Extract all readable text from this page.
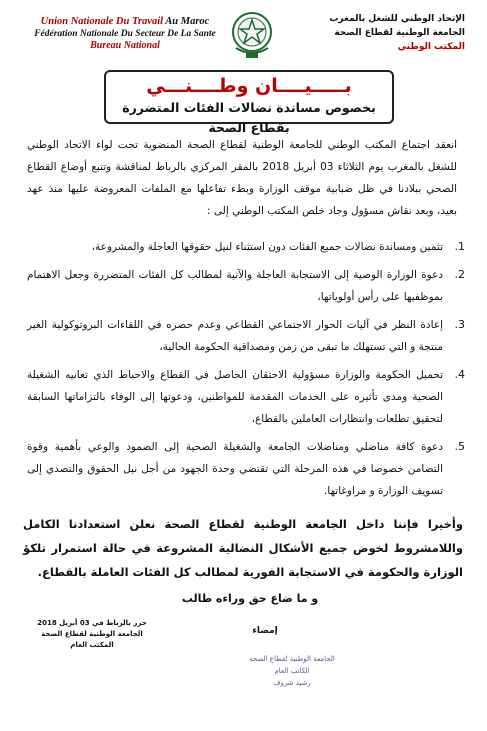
Union Nationale Du Travail Au Maroc
Fédération Nationale Du Secteur De La Sante
Bureau National
الإتحاد الوطني للشغل بالمغرب
الجامعة الوطنية لقطاع الصحة
المكتب الوطني
بـــــيــــان وطــــنـــي
بخصوص مساندة نضالات الفئات المتضررة بقطاع الصحة
انعقد اجتماع المكتب الوطني للجامعة الوطنية لقطاع الصحة المنضوية تحت لواء الاتحاد الوطني للشغل بالمغرب يوم الثلاثاء 03 أبريل 2018 بالمقر المركزي بالرباط لمناقشة وتتبع أوضاع القطاع الصحي ببلادنا في ظل ضبابية موقف الوزارة وبطء تفاعلها مع الملفات المعروضة عليها منذ عهد بعيد، وبعد نقاش مسؤول وجاد خلص المكتب الوطني إلى :
1.
تثمين ومساندة نضالات جميع الفئات دون استثناء لنيل حقوقها العاجلة والمشروعة،
2.
دعوة الوزارة الوصية إلى الاستجابة العاجلة والآنية لمطالب كل الفئات المتضررة وجعل الاهتمام بموظفيها على رأس أولوياتها،
3.
إعادة النظر في آليات الحوار الاجتماعي القطاعي وعدم حصره في اللقاءات البروتوكولية الغير منتجة و التي تستهلك ما تبقى من زمن ومصداقية الحكومة الحالية،
4.
تحميل الحكومة والوزارة مسؤولية الاحتقان الحاصل في القطاع والاحباط الذي تعانيه الشغيلة الصحية ومدى تأثيره على الخدمات المقدمة للمواطنين، ودعوتها إلى الوفاء بالتزاماتها السابقة لتحقيق تطلعات وانتظارات العاملين بالقطاع،
5.
دعوة كافة مناضلي ومناضلات الجامعة والشغيلة الصحية إلى الصمود والوعي بأهمية وقوة التضامن خصوصا في هذه المرحلة التي تقتضي وحدة الجهود من أجل نيل الحقوق والتصدي إلى تسويف الوزارة و مراوغاتها.
وأخيرا فإننا داخل الجامعة الوطنية لقطاع الصحة نعلن استعدادنا الكامل واللامشروط لخوض جميع الأشكال النضالية المشروعة في حالة استمرار تلكؤ الوزارة والحكومة في الاستجابة الفورية لمطالب كل الفئات العاملة بالقطاع.
و ما ضاع حق وراءه طالب
حرر بالرباط في 03 أبريل 2018
الجامعة الوطنية لقطاع الصحة
المكتب العام
إمضاء
الجامعة الوطنية لقطاع الصحة
الكاتب العام
رشيد شروف
